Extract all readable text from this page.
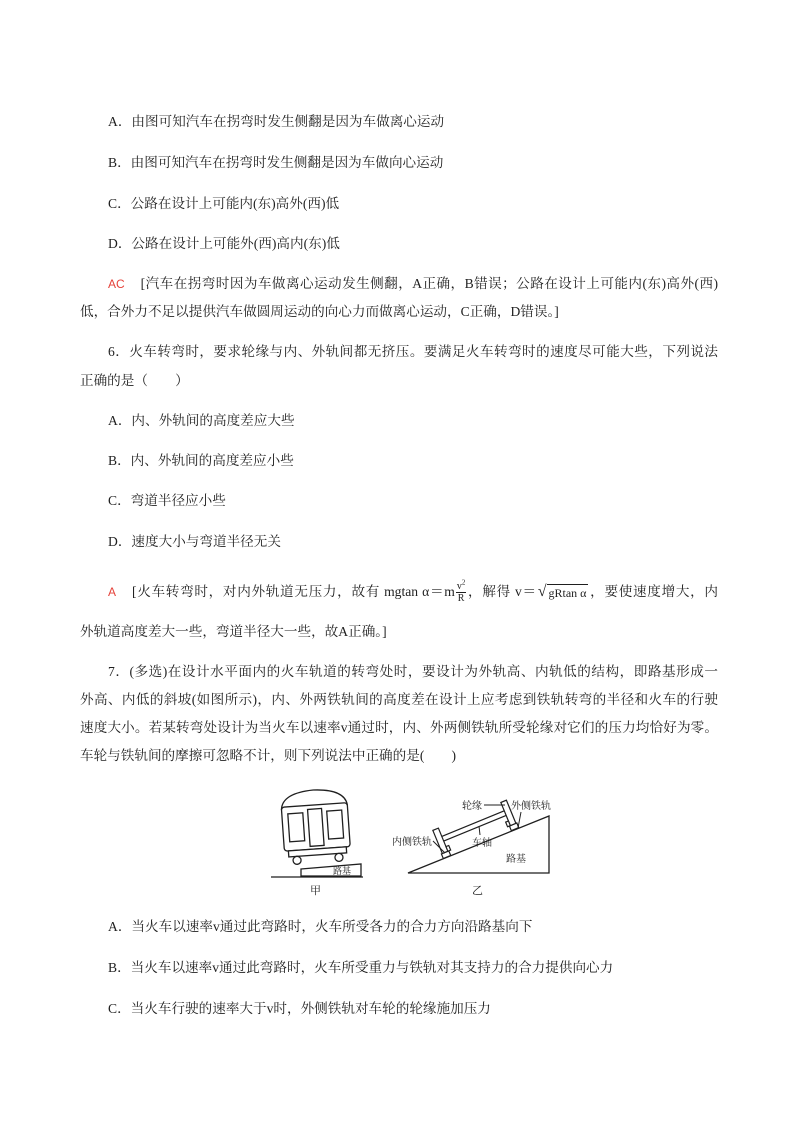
A．由图可知汽车在拐弯时发生侧翻是因为车做离心运动
B．由图可知汽车在拐弯时发生侧翻是因为车做向心运动
C．公路在设计上可能内(东)高外(西)低
D．公路在设计上可能外(西)高内(东)低
AC [汽车在拐弯时因为车做离心运动发生侧翻，A正确，B错误；公路在设计上可能内(东)高外(西)
低，合外力不足以提供汽车做圆周运动的向心力而做离心运动，C正确，D错误。]
6．火车转弯时，要求轮缘与内、外轨间都无挤压。要满足火车转弯时的速度尽可能大些，下列说法
正确的是（　　）
A．内、外轨间的高度差应大些
B．内、外轨间的高度差应小些
C．弯道半径应小些
D．速度大小与弯道半径无关
A [火车转弯时，对内外轨道无压力，故有 mgtan $\alpha=m \frac{v^2}{R}$ ，解得 v＝ √ gRtan α ，要使速度增大，内
外轨道高度差大一些，弯道半径大一些，故A正确。]
7．(多选)在设计水平面内的火车轨道的转弯处时，要设计为外轨高、内轨低的结构，即路基形成一
外高、内低的斜坡(如图所示)，内、外两铁轨间的高度差在设计上应考虑到铁轨转弯的半径和火车的行驶
速度大小。若某转弯处设计为当火车以速率v通过时，内、外两侧铁轨所受轮缘对它们的压力均恰好为零。
车轮与铁轨间的摩擦可忽略不计，则下列说法中正确的是(　　)
路基
甲
轮缘	外侧铁轨
内侧铁轨	车轴
路基
乙
A．当火车以速率v通过此弯路时，火车所受各力的合力方向沿路基向下
B．当火车以速率v通过此弯路时，火车所受重力与铁轨对其支持力的合力提供向心力
C．当火车行驶的速率大于v时，外侧铁轨对车轮的轮缘施加压力
